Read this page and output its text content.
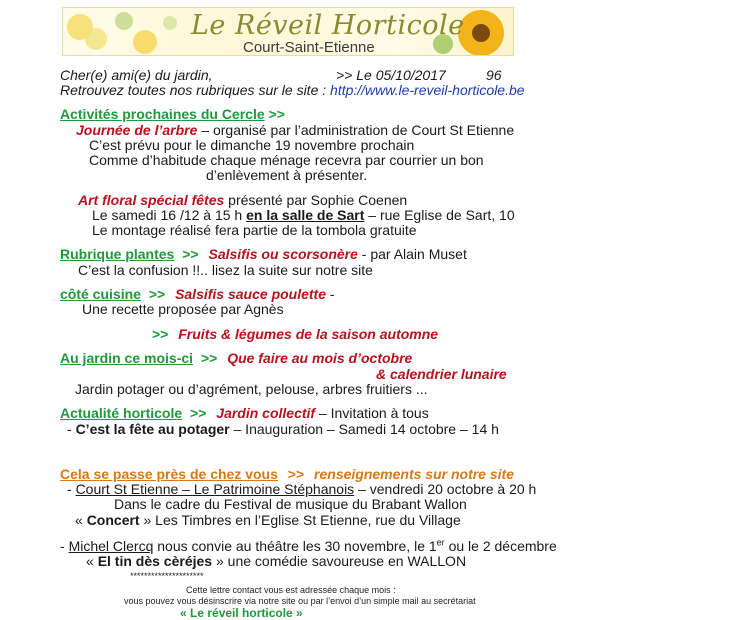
Le Réveil Horticole
Court-Saint-Etienne
Cher(e) ami(e) du jardin,	>> Le 05/10/2017	96
Retrouvez toutes nos rubriques sur le site : http://www.le-reveil-horticole.be
Activités prochaines du Cercle >>
Journée de l’arbre – organisé par l’administration de Court St Etienne
C’est prévu pour le dimanche 19 novembre prochain
Comme d’habitude chaque ménage recevra par courrier un bon
d’enlèvement à présenter.
Art floral spécial fêtes présenté par Sophie Coenen
Le samedi 16 /12 à 15 h en la salle de Sart – rue Eglise de Sart, 10
Le montage réalisé fera partie de la tombola gratuite
Rubrique plantes >> Salsifis ou scorsonère - par Alain Muset
C’est la confusion !!.. lisez la suite sur notre site
côté cuisine >> Salsifis sauce poulette -
Une recette proposée par Agnès
>> Fruits & légumes de la saison automne
Au jardin ce mois-ci >> Que faire au mois d’octobre
& calendrier lunaire
Jardin potager ou d’agrément, pelouse, arbres fruitiers ...
Actualité horticole >> Jardin collectif – Invitation à tous
- C’est la fête au potager – Inauguration – Samedi 14 octobre – 14 h
Cela se passe près de chez vous >> renseignements sur notre site
- Court St Etienne – Le Patrimoine Stéphanois – vendredi 20 octobre à 20 h
Dans le cadre du Festival de musique du Brabant Wallon
« Concert » Les Timbres en l’Eglise St Etienne, rue du Village
- Michel Clercq nous convie au théâtre les 30 novembre, le 1er ou le 2 décembre
« El tin dès cèréjes » une comédie savoureuse en WALLON
*********************
Cette lettre contact vous est adressée chaque mois :
vous pouvez vous désinscrire via notre site ou par l’envoi d’un simple mail au secrétariat
« Le réveil horticole »
